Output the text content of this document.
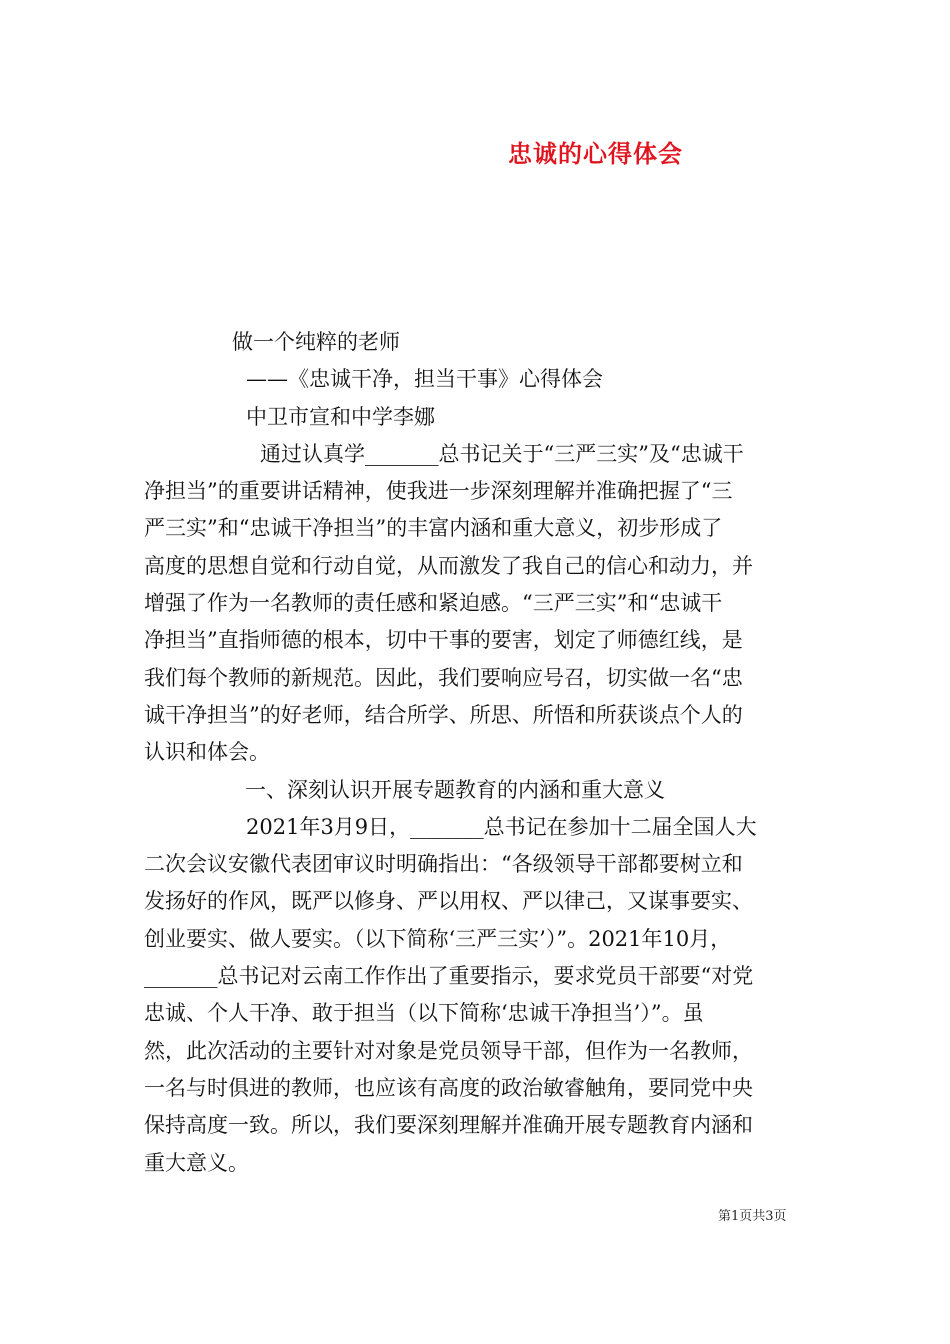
忠诚的心得体会
做一个纯粹的老师
——《忠诚干净，担当干事》心得体会
中卫市宣和中学李娜
通过认真学_______总书记关于“三严三实”及“忠诚干
净担当”的重要讲话精神，使我进一步深刻理解并准确把握了“三
严三实”和“忠诚干净担当”的丰富内涵和重大意义，初步形成了
高度的思想自觉和行动自觉，从而激发了我自己的信心和动力，并
增强了作为一名教师的责任感和紧迫感。“三严三实”和“忠诚干
净担当”直指师德的根本，切中干事的要害，划定了师德红线，是
我们每个教师的新规范。因此，我们要响应号召，切实做一名“忠
诚干净担当”的好老师，结合所学、所思、所悟和所获谈点个人的
认识和体会。
一、深刻认识开展专题教育的内涵和重大意义
2021年3月9日，_______总书记在参加十二届全国人大
二次会议安徽代表团审议时明确指出：“各级领导干部都要树立和
发扬好的作风，既严以修身、严以用权、严以律己，又谋事要实、
创业要实、做人要实。（以下简称‘三严三实’）”。2021年10月，
_______总书记对云南工作作出了重要指示，要求党员干部要“对党
忠诚、个人干净、敢于担当（以下简称‘忠诚干净担当’）”。虽
然，此次活动的主要针对对象是党员领导干部，但作为一名教师，
一名与时俱进的教师，也应该有高度的政治敏睿触角，要同党中央
保持高度一致。所以，我们要深刻理解并准确开展专题教育内涵和
重大意义。
第1页共3页
